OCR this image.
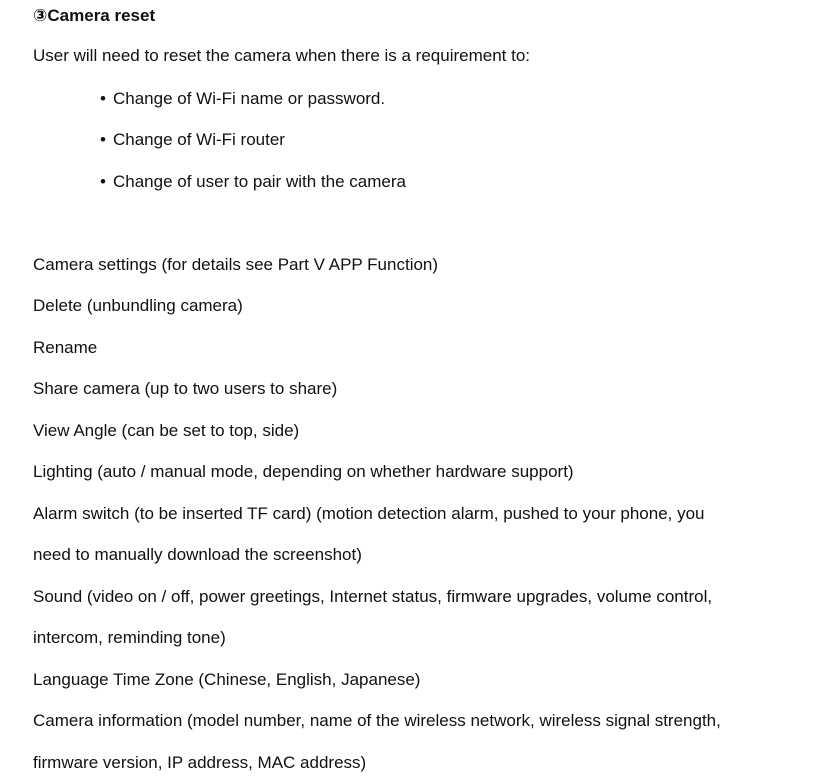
③Camera reset
User will need to reset the camera when there is a requirement to:
• Change of Wi-Fi name or password.
• Change of Wi-Fi router
• Change of user to pair with the camera
Camera settings (for details see Part V APP Function)
Delete (unbundling camera)
Rename
Share camera (up to two users to share)
View Angle (can be set to top, side)
Lighting (auto / manual mode, depending on whether hardware support)
Alarm switch (to be inserted TF card) (motion detection alarm, pushed to your phone, you
need to manually download the screenshot)
Sound (video on / off, power greetings, Internet status, firmware upgrades, volume control,
intercom, reminding tone)
Language Time Zone (Chinese, English, Japanese)
Camera information (model number, name of the wireless network, wireless signal strength,
firmware version, IP address, MAC address)
